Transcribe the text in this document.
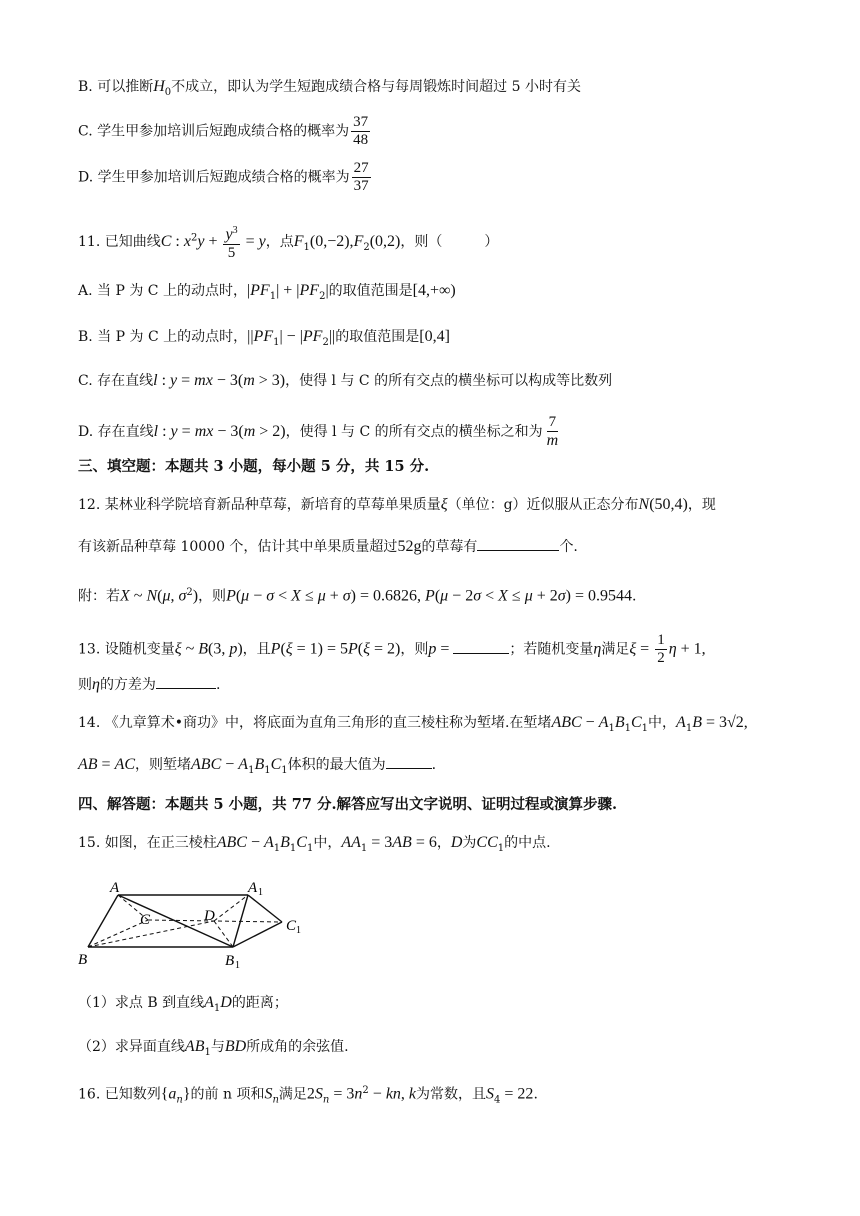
B. 可以推断$H_0$不成立，即认为学生短跑成绩合格与每周锻炼时间超过 5 小时有关
C. 学生甲参加培训后短跑成绩合格的概率为 $\frac{37}{48}$
D. 学生甲参加培训后短跑成绩合格的概率为 $\frac{27}{37}$
11. 已知曲线C : $x^2y + \frac{y^3}{5} = y$，点$F_1(0,-2),F_2(0,2)$，则（　　　）
A. 当 P 为 C 上的动点时，$|PF_1| + |PF_2|$的取值范围是[4,+∞)
B. 当 P 为 C 上的动点时，$||PF_1| - |PF_2||$的取值范围是[0,4]
C. 存在直线l : y = mx − 3(m > 3)，使得 l 与 C 的所有交点的横坐标可以构成等比数列
D. 存在直线l : y = mx − 3(m > 2)，使得 l 与 C 的所有交点的横坐标之和为 $\frac{7}{m}$
三、填空题：本题共 3 小题，每小题 5 分，共 15 分.
12. 某林业科学院培育新品种草莓，新培育的草莓单果质量ξ（单位：g）近似服从正态分布N(50,4)，现
有该新品种草莓 10000 个，估计其中单果质量超过52g的草莓有	个.
附：若X ~ N(μ, $\sigma^2$)，则P(μ − σ < X ≤ μ + σ) = 0.6826, P(μ − 2σ < X ≤ μ + 2σ) = 0.9544.
13. 设随机变量ξ ~ B(3, p)，且P(ξ = 1) = 5P(ξ = 2)，则p =	；若随机变量η满足$\xi = \frac{1}{2}$ η + 1,
则η的方差为	.
14. 《九章算术•商功》中，将底面为直角三角形的直三棱柱称为堑堵.在堑堵ABC − $A_1B_1C_1$中，$A_1B = 3√2$,
AB = AC，则堑堵ABC − $A_1B_1C_1$体积的最大值为	.
四、解答题：本题共 5 小题，共 77 分.解答应写出文字说明、证明过程或演算步骤.
15. 如图，在正三棱柱ABC − $A_1B_1C_1$中，$AA_1 = 3AB = 6$，D为$CC_1$的中点.
A	A 1
C	D
C 1
B	B 1
（1）求点 B 到直线$A_1D$的距离；
（2）求异面直线$AB_1$与BD所成角的余弦值.
16. 已知数列$\{a_n\}$的前 n 项和$S_n$满足$2S_n = 3n^2$ − kn, k为常数，且$S_4 = 22$.
